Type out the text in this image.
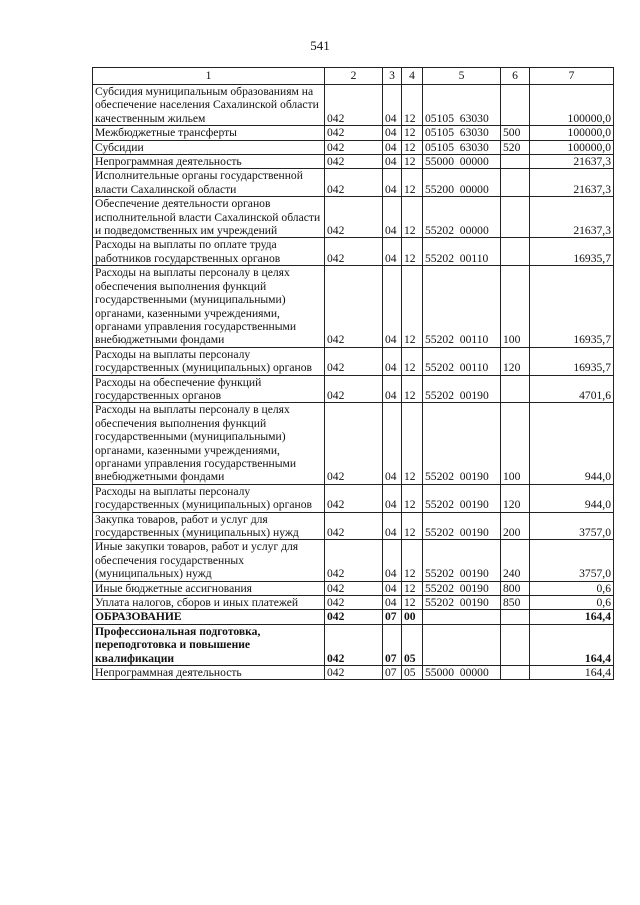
541
1	2	3	4	5	6	7
Субсидия муниципальным образованиям на обеспечение населения Сахалинской области качественным жильем	042	04	12	05105  63030		100000,0
Межбюджетные трансферты	042	04	12	05105  63030	500	100000,0
Субсидии	042	04	12	05105  63030	520	100000,0
Непрограммная деятельность	042	04	12	55000  00000		21637,3
Исполнительные органы государственной власти Сахалинской области	042	04	12	55200  00000		21637,3
Обеспечение деятельности органов исполнительной власти Сахалинской области и подведомственных им учреждений	042	04	12	55202  00000		21637,3
Расходы на выплаты по оплате труда работников государственных органов	042	04	12	55202  00110		16935,7
Расходы на выплаты персоналу в целях обеспечения выполнения функций государственными (муниципальными) органами, казенными учреждениями, органами управления государственными внебюджетными фондами	042	04	12	55202  00110	100	16935,7
Расходы на выплаты персоналу государственных (муниципальных) органов	042	04	12	55202  00110	120	16935,7
Расходы на обеспечение функций государственных органов	042	04	12	55202  00190		4701,6
Расходы на выплаты персоналу в целях обеспечения выполнения функций государственными (муниципальными) органами, казенными учреждениями, органами управления государственными внебюджетными фондами	042	04	12	55202  00190	100	944,0
Расходы на выплаты персоналу государственных (муниципальных) органов	042	04	12	55202  00190	120	944,0
Закупка товаров, работ и услуг для государственных (муниципальных) нужд	042	04	12	55202  00190	200	3757,0
Иные закупки товаров, работ и услуг для обеспечения государственных (муниципальных) нужд	042	04	12	55202  00190	240	3757,0
Иные бюджетные ассигнования	042	04	12	55202  00190	800	0,6
Уплата налогов, сборов и иных платежей	042	04	12	55202  00190	850	0,6
ОБРАЗОВАНИЕ	042	07	00			164,4
Профессиональная подготовка, переподготовка и повышение квалификации	042	07	05			164,4
Непрограммная деятельность	042	07	05	55000  00000		164,4
